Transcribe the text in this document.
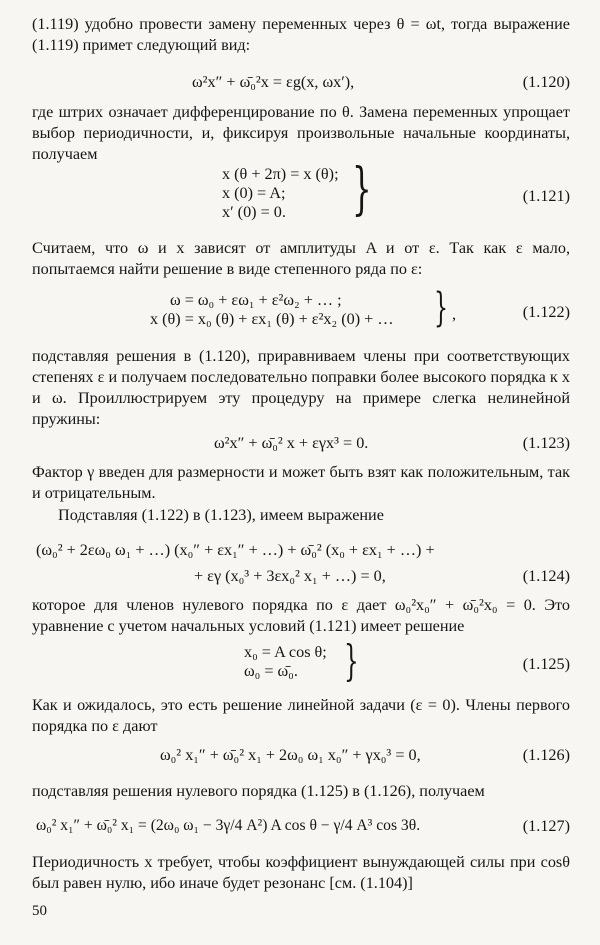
(1.119) удобно провести замену переменных через θ = ωt, тогда выражение (1.119) примет следующий вид:

ω²x″ + ω̄₀²x = εg(x, ωx′),	(1.120)

где штрих означает дифференцирование по θ. Замена переменных упрощает выбор периодичности, и, фиксируя произвольные начальные координаты, получаем

x (θ + 2π) = x (θ);
x (0) = A;
x′ (0) = 0.	}	(1.121)

Считаем, что ω и x зависят от амплитуды A и от ε. Так как ε мало, попытаемся найти решение в виде степенного ряда по ε:

ω = ω₀ + εω₁ + ε²ω₂ + … ;
x (θ) = x₀ (θ) + εx₁ (θ) + ε²x₂ (0) + … } ,	(1.122)

подставляя решения в (1.120), приравниваем члены при соответствующих степенях ε и получаем последовательно поправки более высокого порядка к x и ω. Проиллюстрируем эту процедуру на примере слегка нелинейной пружины:

ω²x″ + ω̄₀² x + εγx³ = 0.	(1.123)

Фактор γ введен для размерности и может быть взят как положительным, так и отрицательным.

Подставляя (1.122) в (1.123), имеем выражение

(ω₀² + 2εω₀ ω₁ + …) (x₀″ + εx₁″ + …) + ω̄₀² (x₀ + εx₁ + …) +
+ εγ (x₀³ + 3εx₀² x₁ + …) = 0,	(1.124)

которое для членов нулевого порядка по ε дает ω₀²x₀″ + ω̄₀²x₀ = 0. Это уравнение с учетом начальных условий (1.121) имеет решение

x₀ = A cos θ;
ω₀ = ω̄₀.	}	(1.125)

Как и ожидалось, это есть решение линейной задачи (ε = 0). Члены первого порядка по ε дают

ω₀² x₁″ + ω̄₀² x₁ + 2ω₀ ω₁ x₀″ + γx₀³ = 0,	(1.126)

подставляя решения нулевого порядка (1.125) в (1.126), получаем

ω₀² x₁″ + ω̄₀² x₁ = (2ω₀ ω₁ − 3γ/4 A²) A cos θ − γ/4 A³ cos 3θ.	(1.127)

Периодичность x требует, чтобы коэффициент вынуждающей силы при cosθ был равен нулю, ибо иначе будет резонанс [см. (1.104)]

50
